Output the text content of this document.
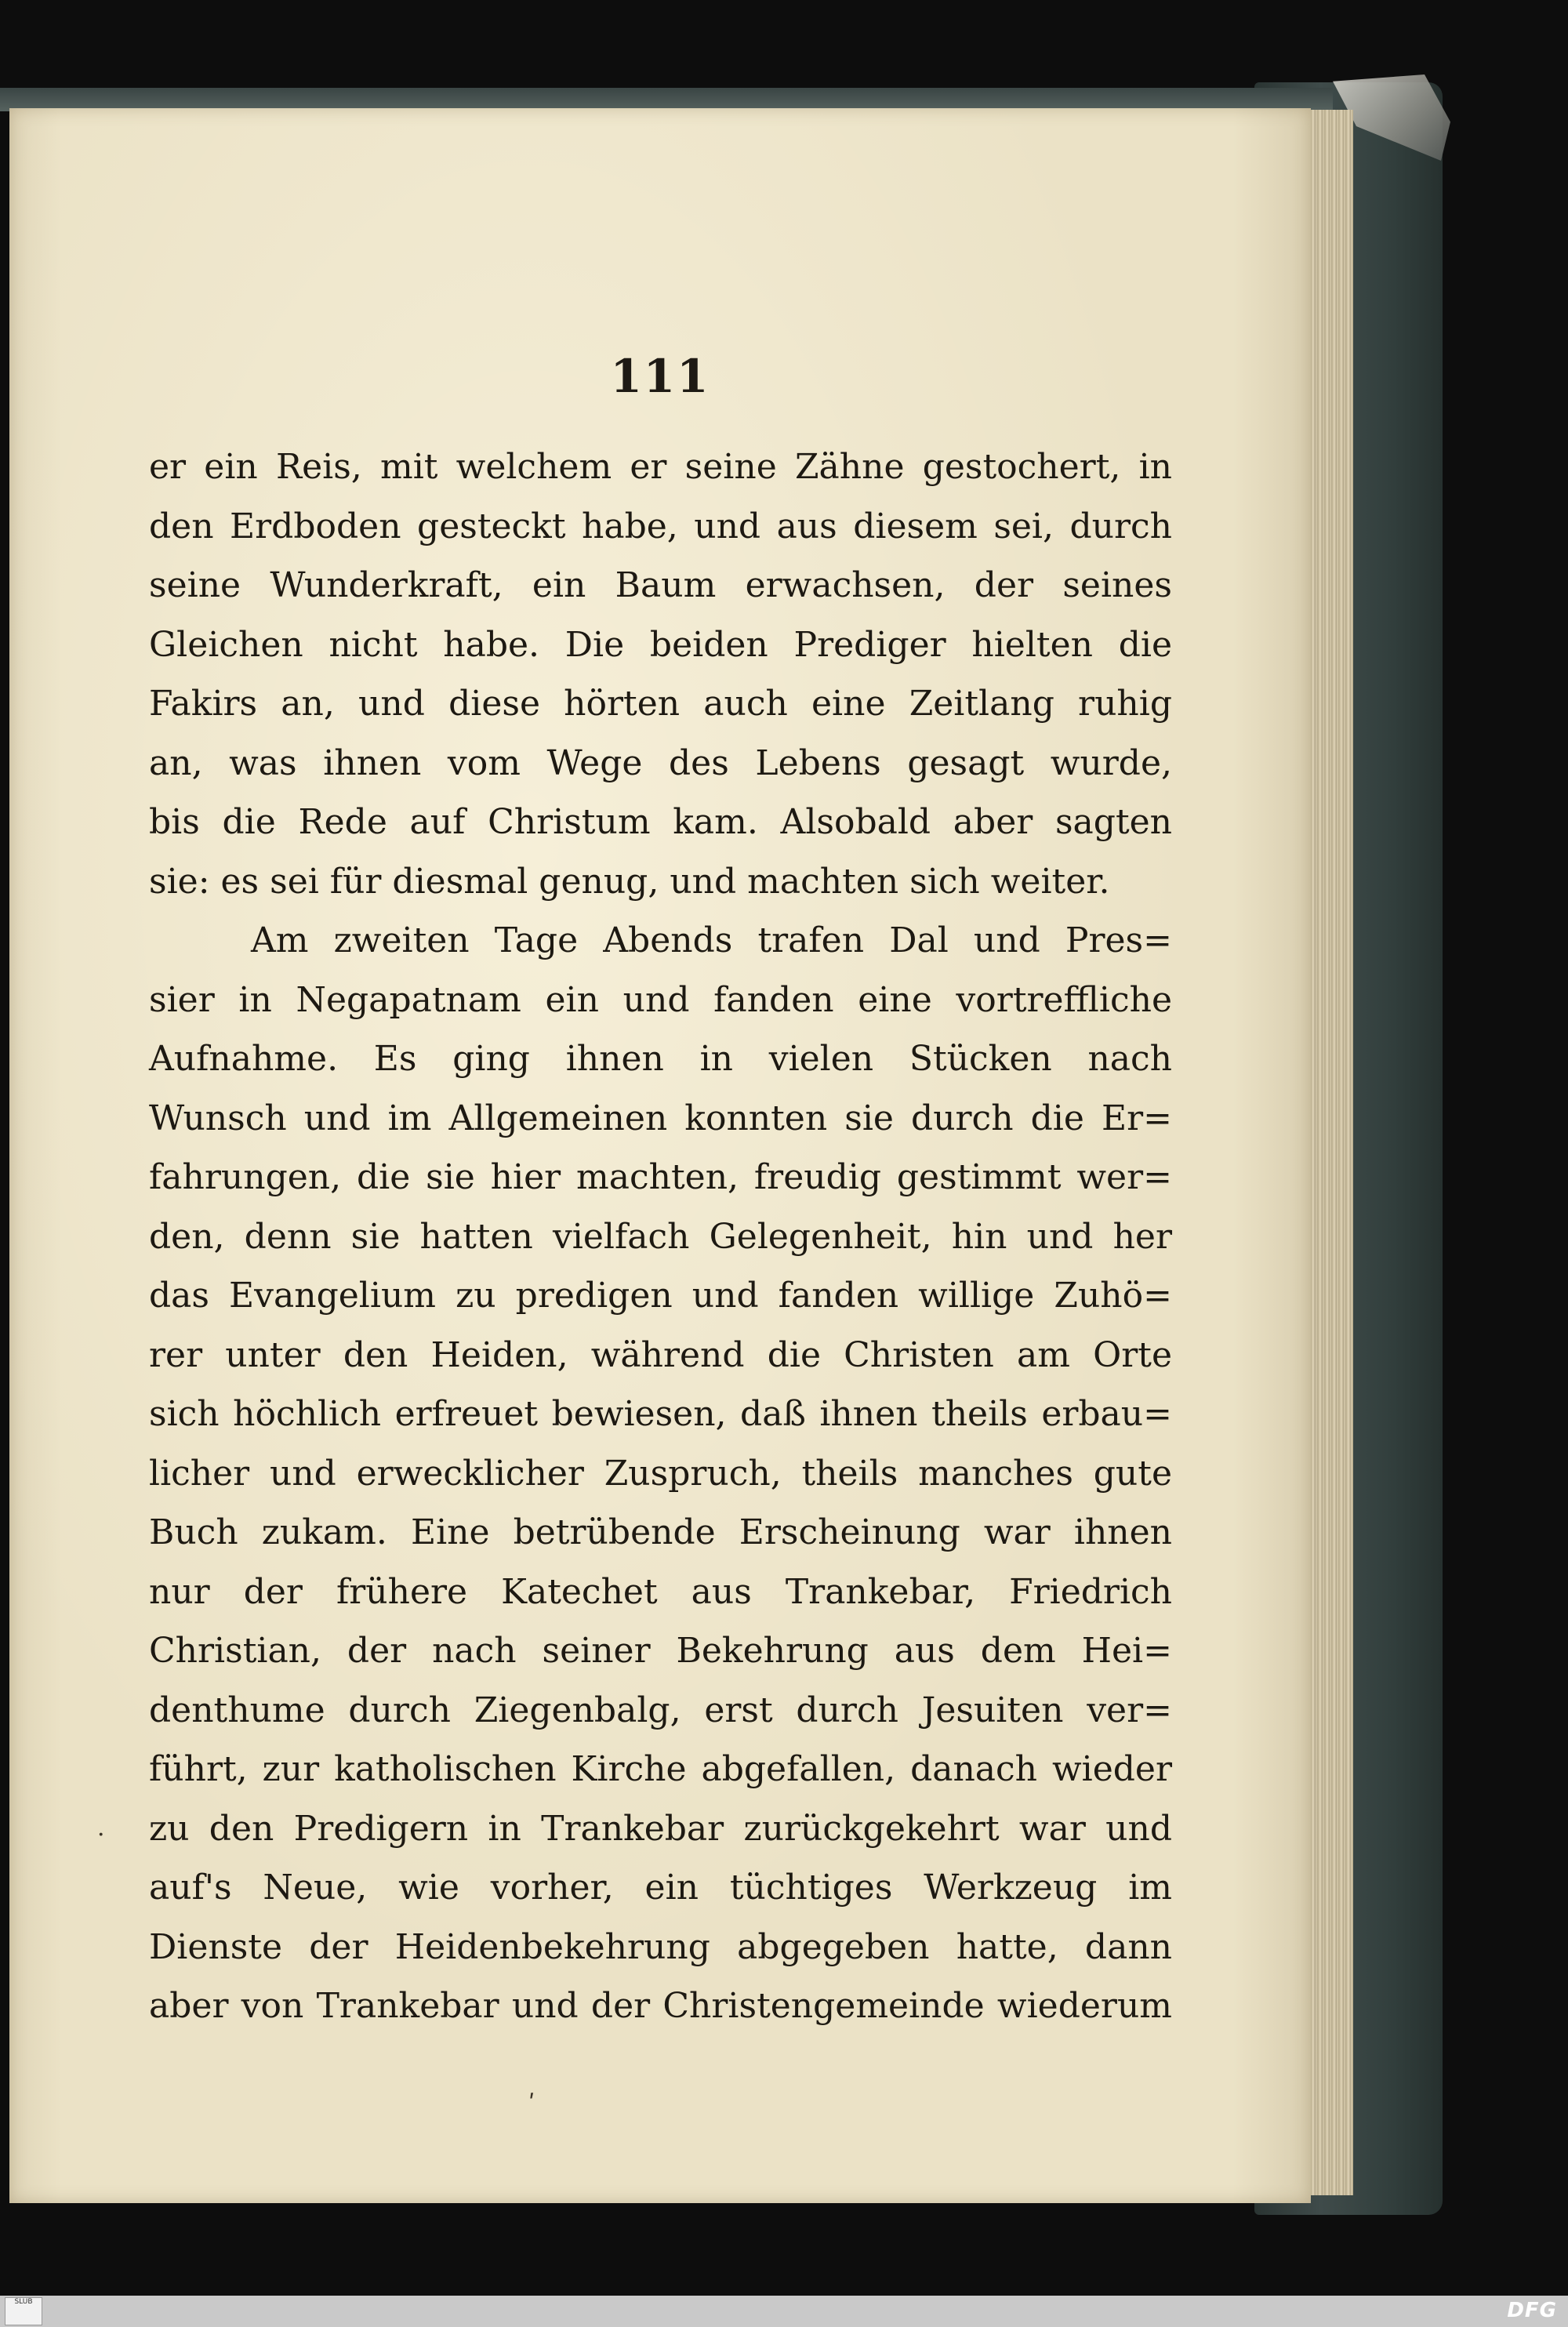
111
er ein Reis, mit welchem er seine Zähne gestochert, in
den Erdboden gesteckt habe, und aus diesem sei, durch
seine Wunderkraft, ein Baum erwachsen, der seines
Gleichen nicht habe. Die beiden Prediger hielten die
Fakirs an, und diese hörten auch eine Zeitlang ruhig
an, was ihnen vom Wege des Lebens gesagt wurde,
bis die Rede auf Christum kam. Alsobald aber sagten
sie: es sei für diesmal genug, und machten sich weiter.
Am zweiten Tage Abends trafen Dal und Pres=
sier in Negapatnam ein und fanden eine vortreffliche
Aufnahme. Es ging ihnen in vielen Stücken nach
Wunsch und im Allgemeinen konnten sie durch die Er=
fahrungen, die sie hier machten, freudig gestimmt wer=
den, denn sie hatten vielfach Gelegenheit, hin und her
das Evangelium zu predigen und fanden willige Zuhö=
rer unter den Heiden, während die Christen am Orte
sich höchlich erfreuet bewiesen, daß ihnen theils erbau=
licher und erwecklicher Zuspruch, theils manches gute
Buch zukam. Eine betrübende Erscheinung war ihnen
nur der frühere Katechet aus Trankebar, Friedrich
Christian, der nach seiner Bekehrung aus dem Hei=
denthume durch Ziegenbalg, erst durch Jesuiten ver=
führt, zur katholischen Kirche abgefallen, danach wieder
zu den Predigern in Trankebar zurückgekehrt war und
auf's Neue, wie vorher, ein tüchtiges Werkzeug im
Dienste der Heidenbekehrung abgegeben hatte, dann
aber von Trankebar und der Christengemeinde wiederum
·
ʹ
SLUB	DFG
